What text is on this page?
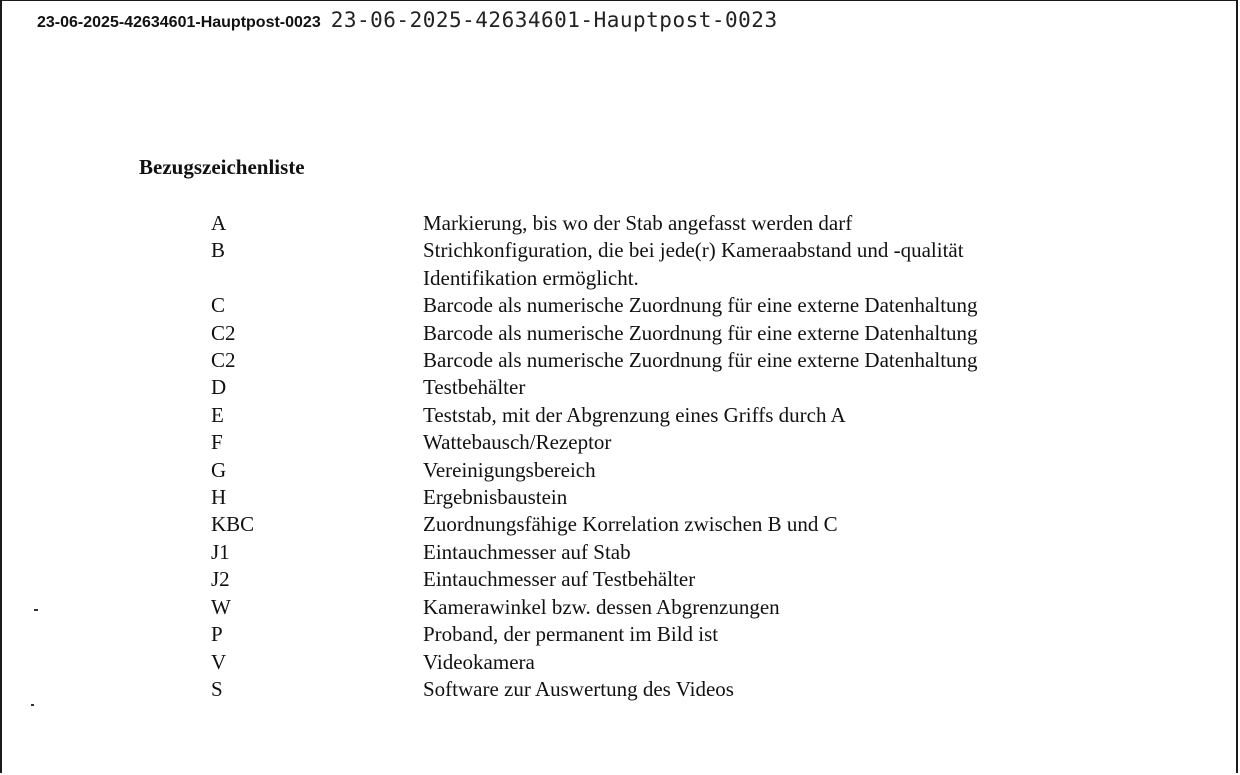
23-06-2025-42634601-Hauptpost-0023 23-06-2025-42634601-Hauptpost-0023
Bezugszeichenliste
A	Markierung, bis wo der Stab angefasst werden darf
B	Strichkonfiguration, die bei jede(r) Kameraabstand und -qualität Identifikation ermöglicht.
C	Barcode als numerische Zuordnung für eine externe Datenhaltung
C2	Barcode als numerische Zuordnung für eine externe Datenhaltung
C2	Barcode als numerische Zuordnung für eine externe Datenhaltung
D	Testbehälter
E	Teststab, mit der Abgrenzung eines Griffs durch A
F	Wattebausch/Rezeptor
G	Vereinigungsbereich
H	Ergebnisbaustein
KBC	Zuordnungsfähige Korrelation zwischen B und C
J1	Eintauchmesser auf Stab
J2	Eintauchmesser auf Testbehälter
W	Kamerawinkel bzw. dessen Abgrenzungen
P	Proband, der permanent im Bild ist
V	Videokamera
S	Software zur Auswertung des Videos
